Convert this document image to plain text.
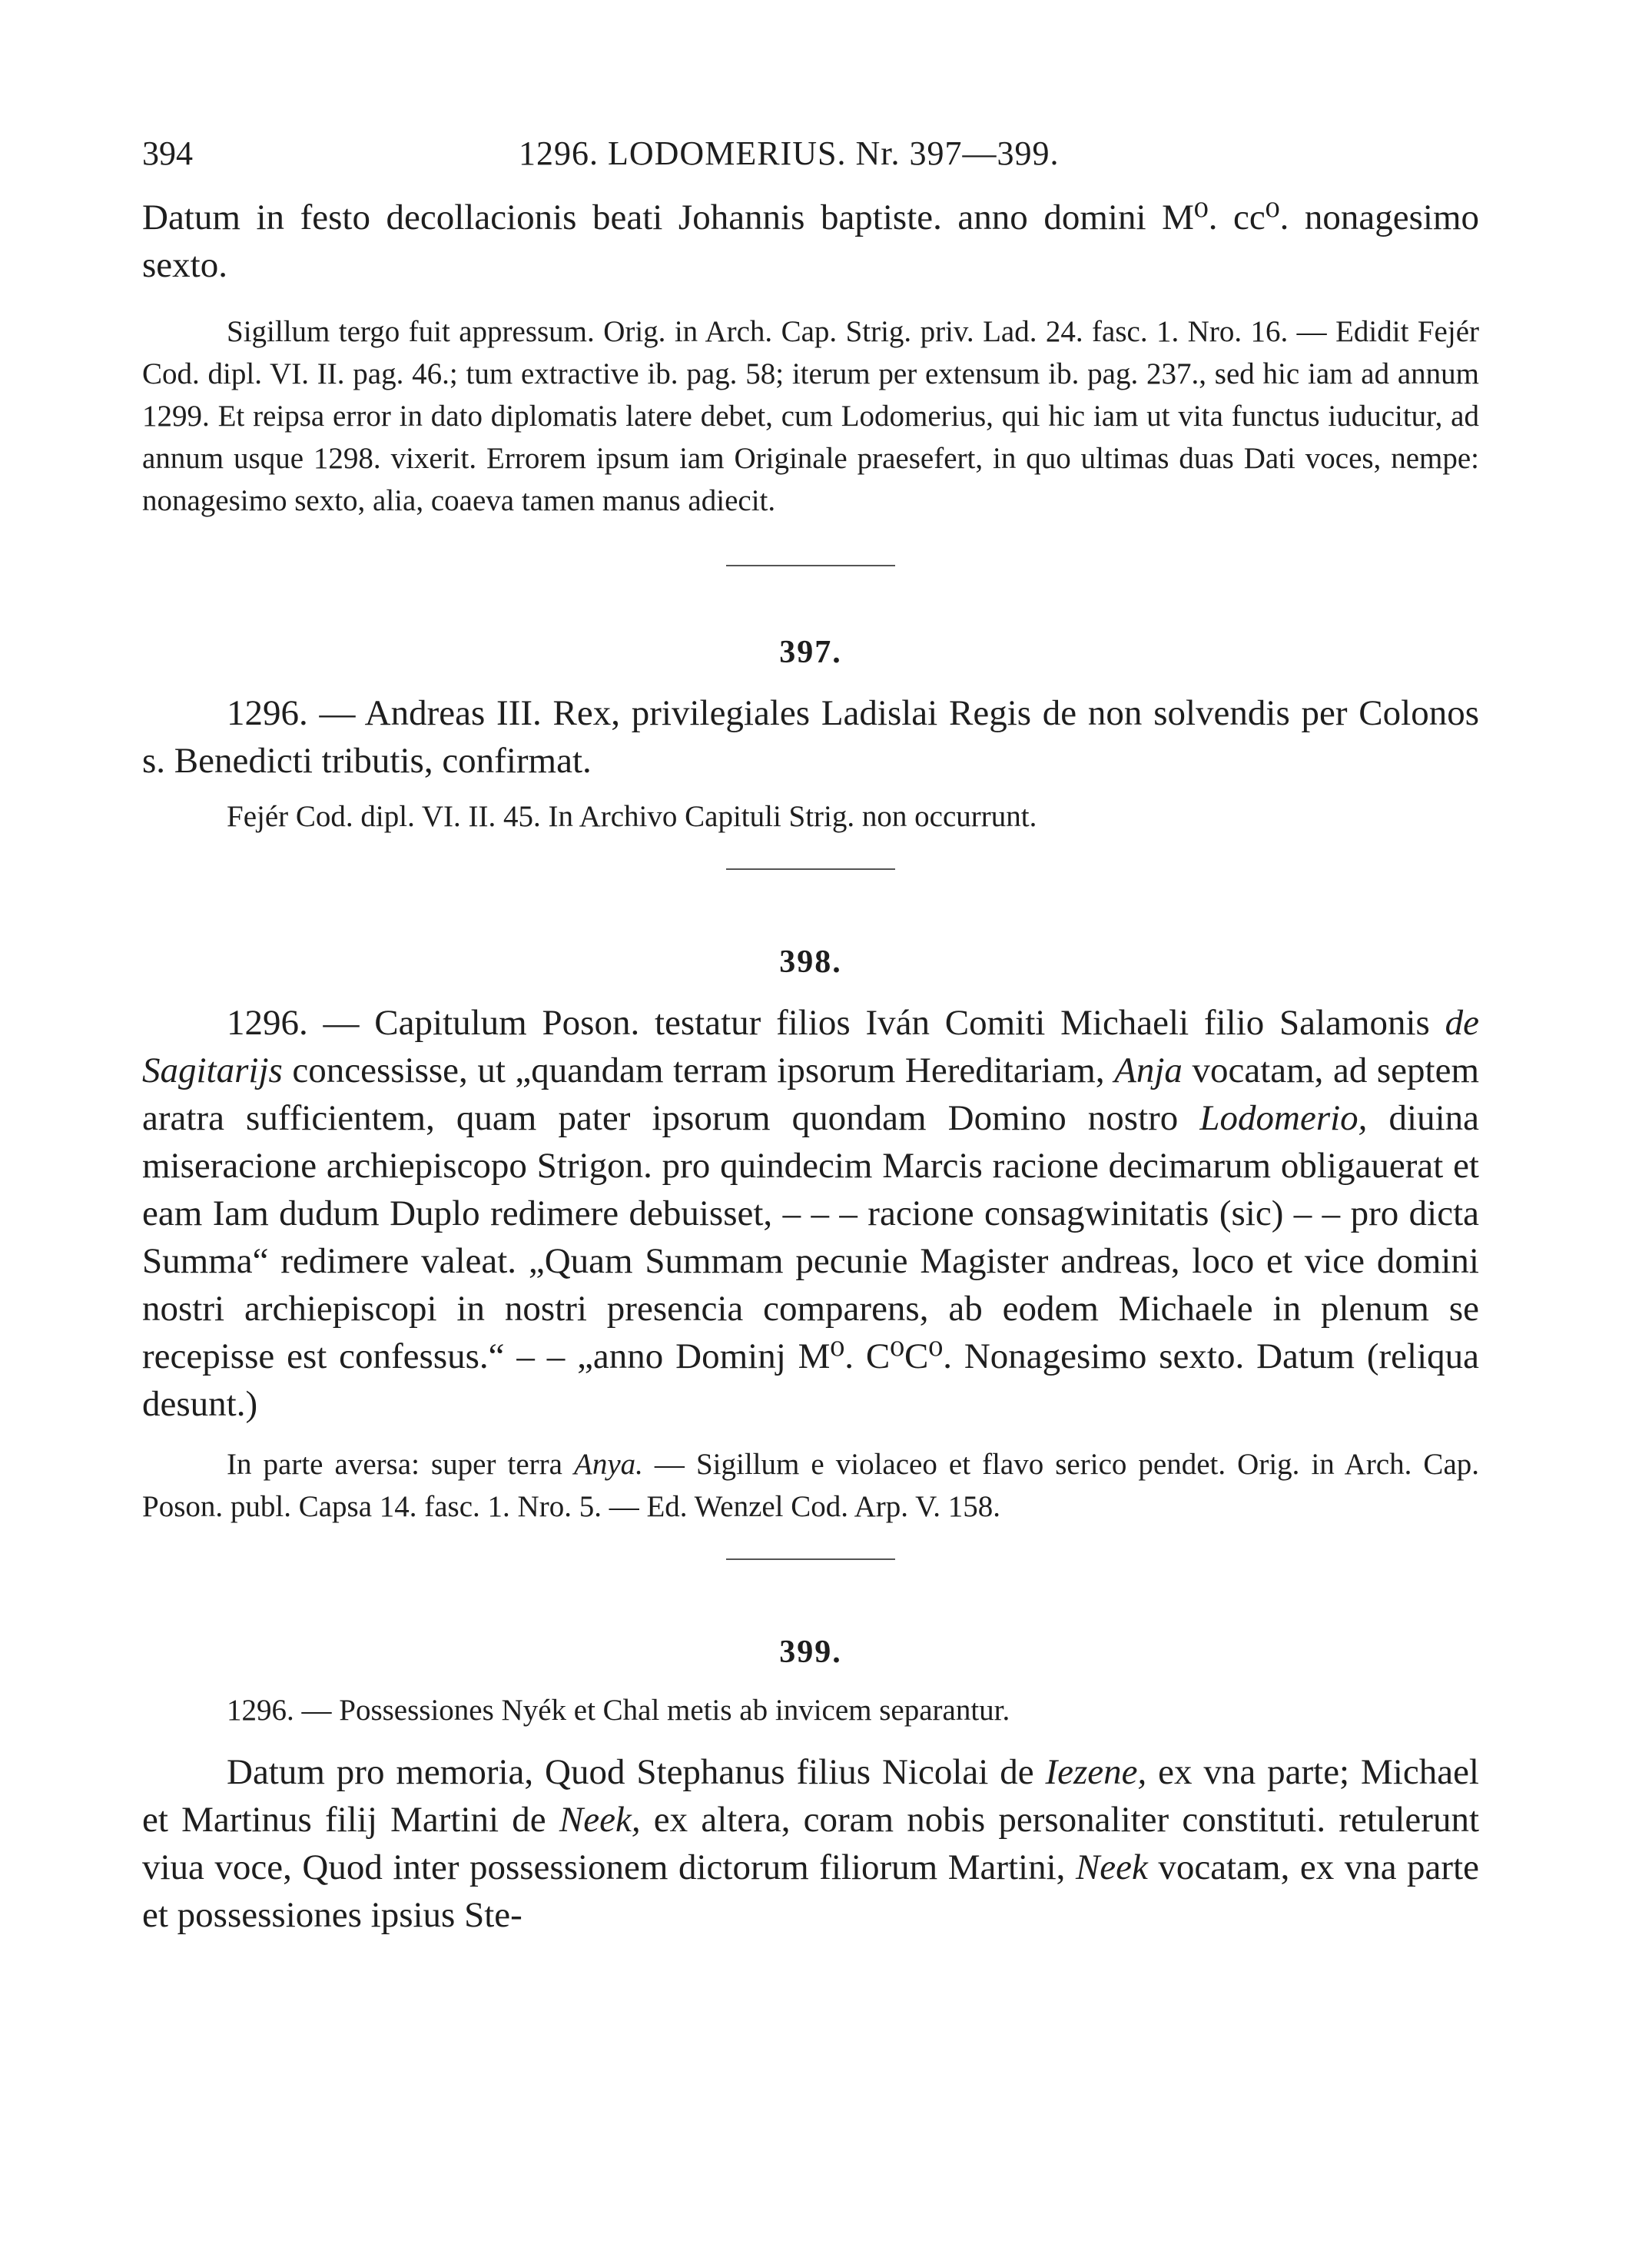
394	1296. LODOMERIUS. Nr. 397—399.

Datum in festo decollacionis beati Johannis baptiste. anno domini M⁰. cc⁰. nonagesimo sexto.

Sigillum tergo fuit appressum. Orig. in Arch. Cap. Strig. priv. Lad. 24. fasc. 1. Nro. 16. — Edidit Fejér Cod. dipl. VI. II. pag. 46.; tum extractive ib. pag. 58; iterum per extensum ib. pag. 237., sed hic iam ad annum 1299. Et reipsa error in dato diplomatis latere debet, cum Lodomerius, qui hic iam ut vita functus iuducitur, ad annum usque 1298. vixerit. Errorem ipsum iam Originale praesefert, in quo ultimas duas Dati voces, nempe: nonagesimo sexto, alia, coaeva tamen manus adiecit.

397.

1296. — Andreas III. Rex, privilegiales Ladislai Regis de non solvendis per Colonos s. Benedicti tributis, confirmat.

Fejér Cod. dipl. VI. II. 45. In Archivo Capituli Strig. non occurrunt.

398.

1296. — Capitulum Poson. testatur filios Iván Comiti Michaeli filio Salamonis de Sagitarijs concessisse, ut „quandam terram ipsorum Hereditariam, Anja vocatam, ad septem aratra sufficientem, quam pater ipsorum quondam Domino nostro Lodomerio, diuina miseracione archiepiscopo Strigon. pro quindecim Marcis racione decimarum obligauerat et eam Iam dudum Duplo redimere debuisset, – – – racione consagwinitatis (sic) – – pro dicta Summa“ redimere valeat. „Quam Summam pecunie Magister andreas, loco et vice domini nostri archiepiscopi in nostri presencia comparens, ab eodem Michaele in plenum se recepisse est confessus.“ – – „anno Dominj M⁰. C⁰C⁰. Nonagesimo sexto. Datum (reliqua desunt.)

In parte aversa: super terra Anya. — Sigillum e violaceo et flavo serico pendet. Orig. in Arch. Cap. Poson. publ. Capsa 14. fasc. 1. Nro. 5. — Ed. Wenzel Cod. Arp. V. 158.

399.

1296. — Possessiones Nyék et Chal metis ab invicem separantur.

Datum pro memoria, Quod Stephanus filius Nicolai de Iezene, ex vna parte; Michael et Martinus filij Martini de Neek, ex altera, coram nobis personaliter constituti. retulerunt viua voce, Quod inter possessionem dictorum filiorum Martini, Neek vocatam, ex vna parte et possessiones ipsius Ste-
